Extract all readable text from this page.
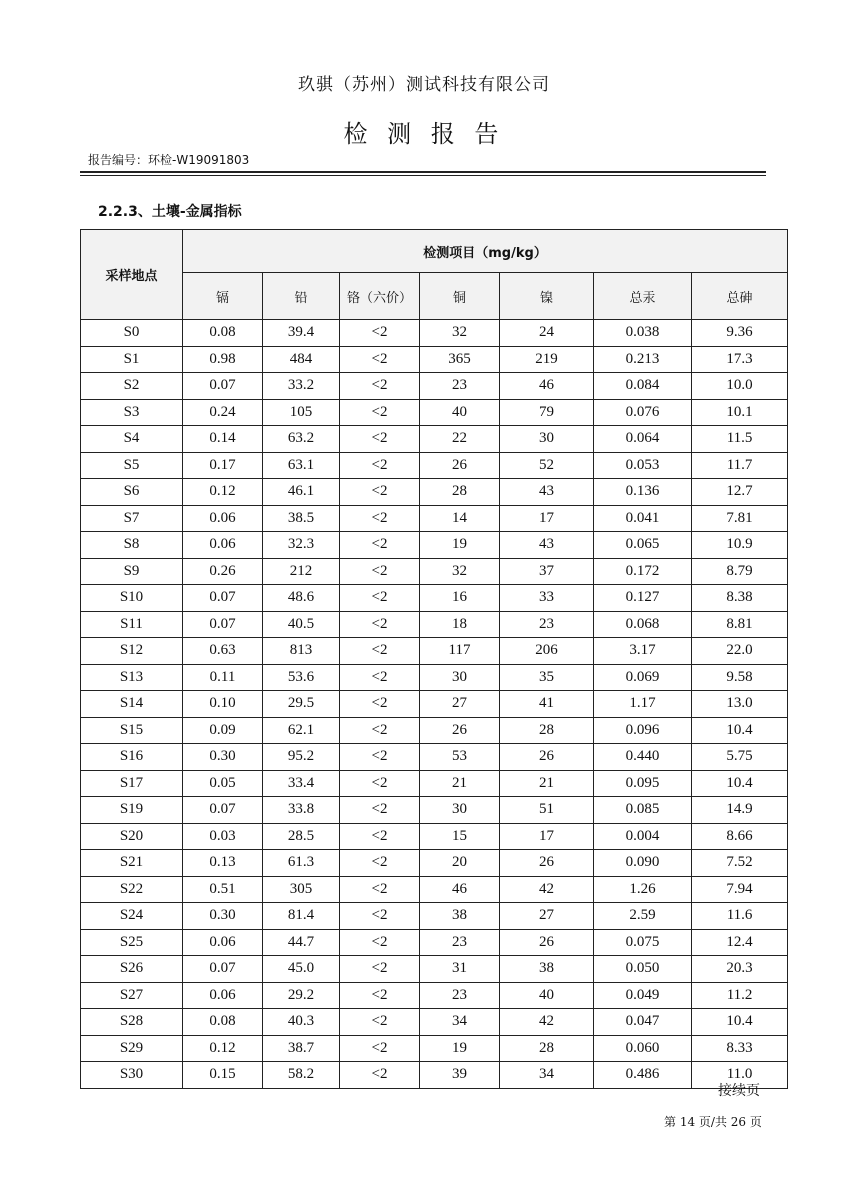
玖骐（苏州）测试科技有限公司
检 测 报 告
报告编号：环检-W19091803
2.2.3、土壤-金属指标
采样地点	检测项目（mg/kg）						
	镉	铅	铬（六价）	铜	镍	总汞	总砷
S0	0.08	39.4	<2	32	24	0.038	9.36
S1	0.98	484	<2	365	219	0.213	17.3
S2	0.07	33.2	<2	23	46	0.084	10.0
S3	0.24	105	<2	40	79	0.076	10.1
S4	0.14	63.2	<2	22	30	0.064	11.5
S5	0.17	63.1	<2	26	52	0.053	11.7
S6	0.12	46.1	<2	28	43	0.136	12.7
S7	0.06	38.5	<2	14	17	0.041	7.81
S8	0.06	32.3	<2	19	43	0.065	10.9
S9	0.26	212	<2	32	37	0.172	8.79
S10	0.07	48.6	<2	16	33	0.127	8.38
S11	0.07	40.5	<2	18	23	0.068	8.81
S12	0.63	813	<2	117	206	3.17	22.0
S13	0.11	53.6	<2	30	35	0.069	9.58
S14	0.10	29.5	<2	27	41	1.17	13.0
S15	0.09	62.1	<2	26	28	0.096	10.4
S16	0.30	95.2	<2	53	26	0.440	5.75
S17	0.05	33.4	<2	21	21	0.095	10.4
S19	0.07	33.8	<2	30	51	0.085	14.9
S20	0.03	28.5	<2	15	17	0.004	8.66
S21	0.13	61.3	<2	20	26	0.090	7.52
S22	0.51	305	<2	46	42	1.26	7.94
S24	0.30	81.4	<2	38	27	2.59	11.6
S25	0.06	44.7	<2	23	26	0.075	12.4
S26	0.07	45.0	<2	31	38	0.050	20.3
S27	0.06	29.2	<2	23	40	0.049	11.2
S28	0.08	40.3	<2	34	42	0.047	10.4
S29	0.12	38.7	<2	19	28	0.060	8.33
S30	0.15	58.2	<2	39	34	0.486	11.0
接续页
第 14 页/共 26 页
